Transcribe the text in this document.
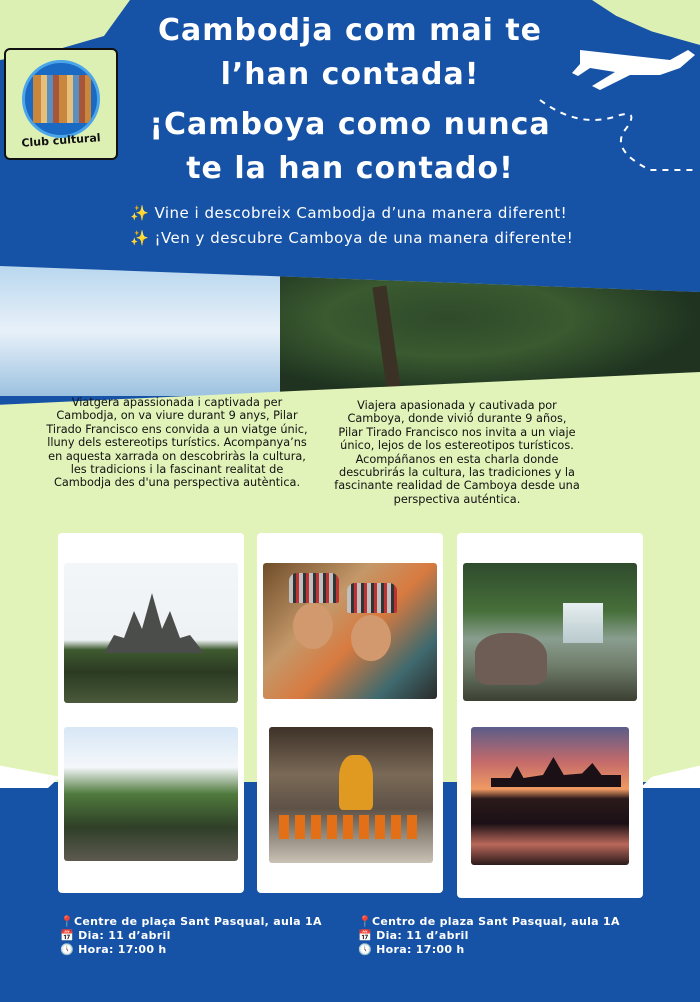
Club cultural
Cambodja com mai te
l’han contada!
¡Camboya como nunca
te la han contado!
✨ Vine i descobreix Cambodja d’una manera diferent!
✨ ¡Ven y descubre Camboya de una manera diferente!
Viatgera apassionada i captivada per Cambodja, on va viure durant 9 anys, Pilar Tirado Francisco ens convida a un viatge únic, lluny dels estereotips turístics. Acompanya’ns en aquesta xarrada on descobriràs la cultura, les tradicions i la fascinant realitat de Cambodja des d'una perspectiva autèntica.
Viajera apasionada y cautivada por Camboya, donde vivió durante 9 años, Pilar Tirado Francisco nos invita a un viaje único, lejos de los estereotipos turísticos. Acompáñanos en esta charla donde descubrirás la cultura, las tradiciones y la fascinante realidad de Camboya desde una perspectiva auténtica.
📍Centre de plaça Sant Pasqual, aula 1A
📅 Dia: 11 d’abril
🕔 Hora: 17:00 h
📍Centro de plaza Sant Pasqual, aula 1A
📅 Dia: 11 d’abril
🕔 Hora: 17:00 h
